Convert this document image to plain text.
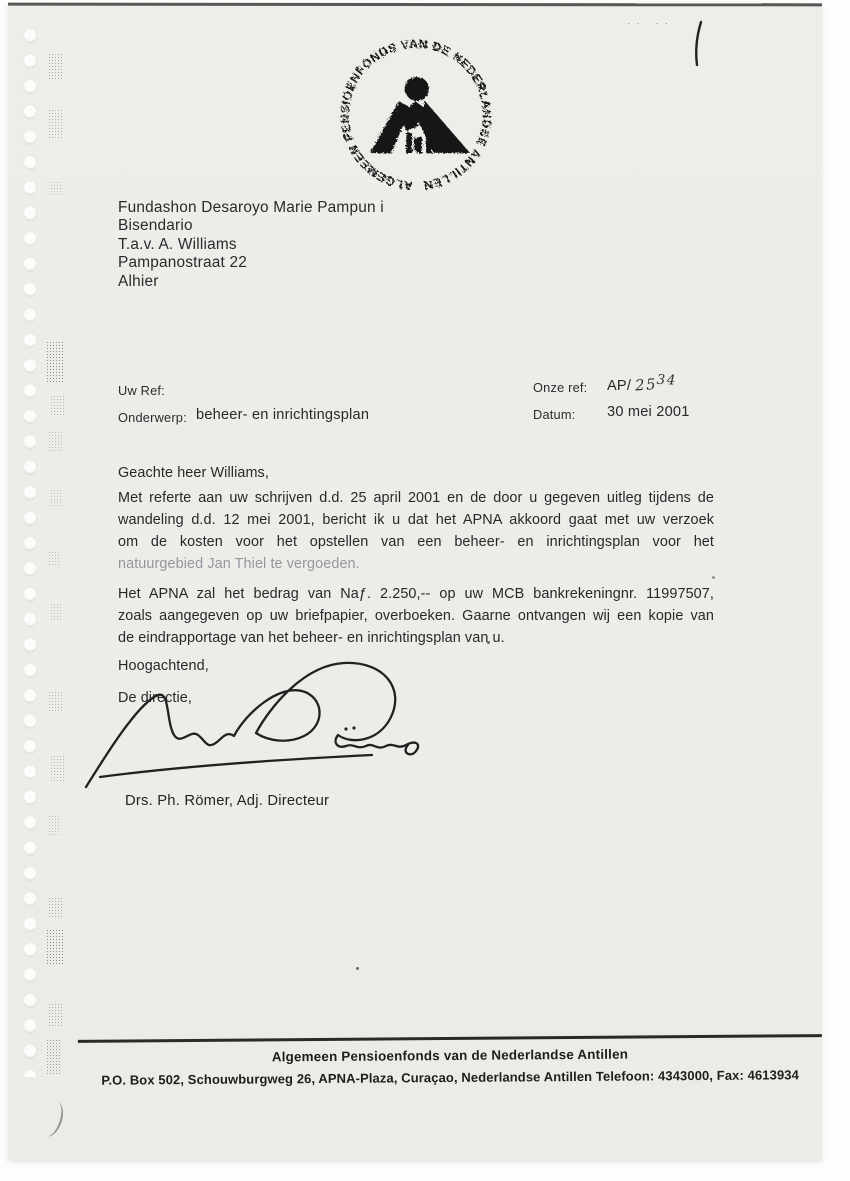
˙˙ ˙˙
ALGEMEEN PENSIOENFONDS VAN DE NEDERLANDSE ANTILLEN
Fundashon Desaroyo Marie Pampun i
Bisendario
T.a.v. A. Williams
Pampanostraat 22
Alhier
Uw Ref:
Onderwerp: beheer- en inrichtingsplan
Onze ref: AP/ 2534
Datum: 30 mei 2001
Geachte heer Williams,
Met referte aan uw schrijven d.d. 25 april 2001 en de door u gegeven uitleg tijdens de
wandeling d.d. 12 mei 2001, bericht ik u dat het APNA akkoord gaat met uw verzoek
om de kosten voor het opstellen van een beheer- en inrichtingsplan voor het
natuurgebied Jan Thiel te vergoeden.
Het APNA zal het bedrag van Naƒ. 2.250,-- op uw MCB bankrekeningnr. 11997507,
zoals aangegeven op uw briefpapier, overboeken. Gaarne ontvangen wij een kopie van
de eindrapportage van het beheer- en inrichtingsplan van u.
Hoogachtend,
De directie,
Drs. Ph. Römer, Adj. Directeur
Algemeen Pensioenfonds van de Nederlandse Antillen
P.O. Box 502, Schouwburgweg 26, APNA-Plaza, Curaçao, Nederlandse Antillen Telefoon: 4343000, Fax: 4613934
